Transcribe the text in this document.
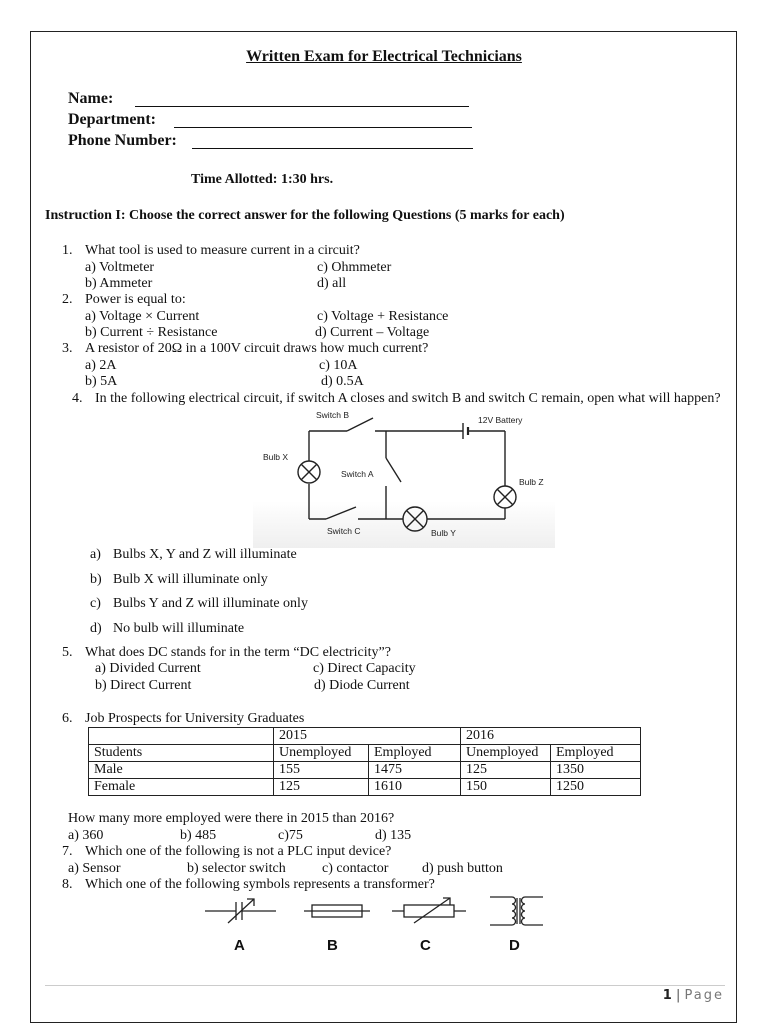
Written Exam for Electrical Technicians
Name:
Department:
Phone Number:
Time Allotted: 1:30 hrs.
Instruction I: Choose the correct answer for the following Questions (5 marks for each)
1. What tool is used to measure current in a circuit?
a) Voltmeter	c) Ohmmeter
b) Ammeter	d) all
2. Power is equal to:
a) Voltage × Current	c) Voltage + Resistance
b) Current ÷ Resistance	d) Current – Voltage
3. A resistor of 20Ω in a 100V circuit draws how much current?
a) 2A	c) 10A
b) 5A	d) 0.5A
4. In the following electrical circuit, if switch A closes and switch B and switch C remain, open what will happen?
Switch B	12V Battery
Bulb X
Switch A
Bulb Z
Switch C	Bulb Y
a) Bulbs X, Y and Z will illuminate
b) Bulb X will illuminate only
c) Bulbs Y and Z will illuminate only
d) No bulb will illuminate
5. What does DC stands for in the term “DC electricity”?
a) Divided Current	c) Direct Capacity
b) Direct Current	d) Diode Current
6. Job Prospects for University Graduates
	2015		2016	
Students	Unemployed	Employed	Unemployed	Employed
Male	155	1475	125	1350
Female	125	1610	150	1250
How many more employed were there in 2015 than 2016?
a) 360	b) 485	c)75	d) 135
7. Which one of the following is not a PLC input device?
a) Sensor	b) selector switch	c) contactor d) push button
8. Which one of the following symbols represents a transformer?
A	B	C	D
1 | Page
